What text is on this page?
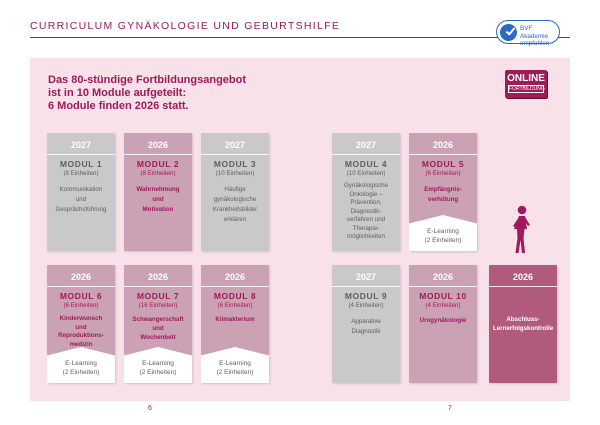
CURRICULUM GYNÄKOLOGIE UND GEBURTSHILFE	BVF Akademie
empfohlen
Das 80-stündige Fortbildungsangebot
ist in 10 Module aufgeteilt:
6 Module finden 2026 statt.
ONLINE
FORTBILDUNG
2027
MODUL 1
(8 Einheiten)
Kommunikation
und
Gesprächsführung
2026
MODUL 2
(8 Einheiten)
Wahrnehmung
und
Motivation
2027
MODUL 3
(10 Einheiten)
Häufige
gynäkologische
Krankheitsbilder
erklären
2027
MODUL 4
(10 Einheiten)
Gynäkologische
Onkologie –
Prävention,
Diagnostik-
verfahren und
Therapie-
möglichkeiten
2026
MODUL 5
(6 Einheiten)
Empfängnis-
verhütung
E-Learning
(2 Einheiten)
2026
MODUL 6
(6 Einheiten)
Kinderwunsch
und
Reproduktions-
medizin
E-Learning
(2 Einheiten)
2026
MODUL 7
(16 Einheiten)
Schwangerschaft
und
Wochenbett
E-Learning
(2 Einheiten)
2026
MODUL 8
(6 Einheiten)
Klimakterium
E-Learning
(2 Einheiten)
2027
MODUL 9
(4 Einheiten)
Apparative
Diagnostik
2026
MODUL 10
(4 Einheiten)
Urogynäkologie
2026
Abschluss-
Lernerfolgskontrolle
6	7
